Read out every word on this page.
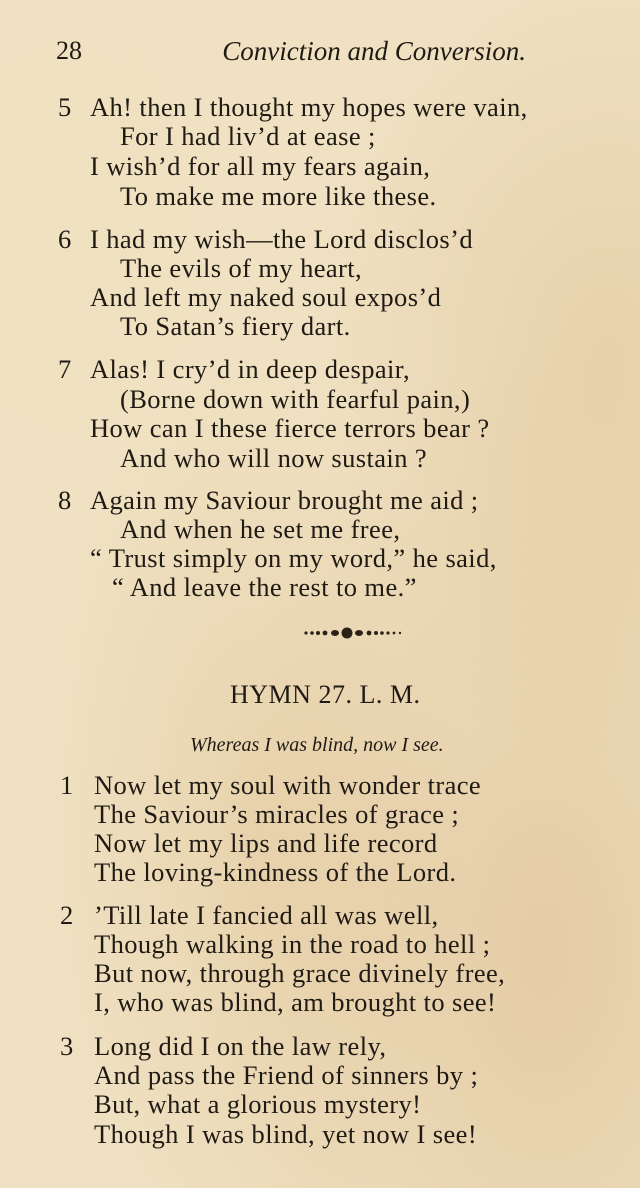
28	Conviction and Conversion.
5 Ah! then I thought my hopes were vain,
For I had liv’d at ease ;
I wish’d for all my fears again,
To make me more like these.
6 I had my wish—the Lord disclos’d
The evils of my heart,
And left my naked soul expos’d
To Satan’s fiery dart.
7 Alas! I cry’d in deep despair,
(Borne down with fearful pain,)
How can I these fierce terrors bear ?
And who will now sustain ?
8 Again my Saviour brought me aid ;
And when he set me free,
“ Trust simply on my word,” he said,
“ And leave the rest to me.”
HYMN 27. L. M.
Whereas I was blind, now I see.
1 Now let my soul with wonder trace
The Saviour’s miracles of grace ;
Now let my lips and life record
The loving-kindness of the Lord.
2 ’Till late I fancied all was well,
Though walking in the road to hell ;
But now, through grace divinely free,
I, who was blind, am brought to see!
3 Long did I on the law rely,
And pass the Friend of sinners by ;
But, what a glorious mystery!
Though I was blind, yet now I see!
